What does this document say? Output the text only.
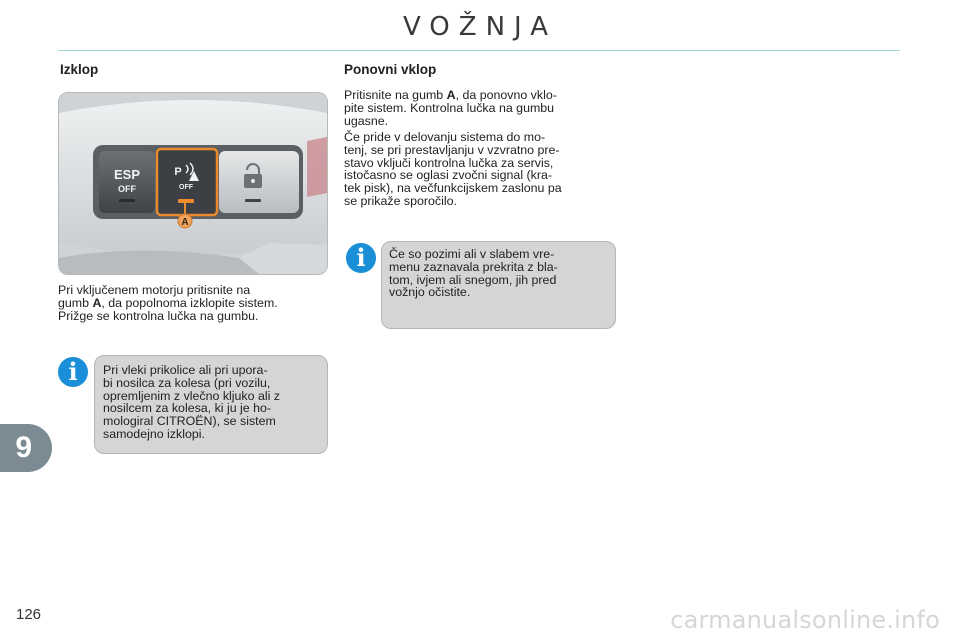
VOŽNJA
Izklop
ESP
OFF
P
OFF
A

Pri vključenem motorju pritisnite na
gumb A, da popolnoma izklopite sistem.
Prižge se kontrolna lučka na gumbu.

Pri vleki prikolice ali pri upora-
bi nosilca za kolesa (pri vozilu,
opremljenim z vlečno kljuko ali z
nosilcem za kolesa, ki ju je ho-
mologiral CITROËN), se sistem
samodejno izklopi.

i
Ponovni vklop

Pritisnite na gumb A, da ponovno vklo-
pite sistem. Kontrolna lučka na gumbu
ugasne.

Če pride v delovanju sistema do mo-
tenj, se pri prestavljanju v vzvratno pre-
stavo vključi kontrolna lučka za servis,
istočasno se oglasi zvočni signal (kra-
tek pisk), na večfunkcijskem zaslonu pa
se prikaže sporočilo.

Če so pozimi ali v slabem vre-
menu zaznavala prekrita z bla-
tom, ivjem ali snegom, jih pred
vožnjo očistite.

i
9
126	carmanualsonline.info
